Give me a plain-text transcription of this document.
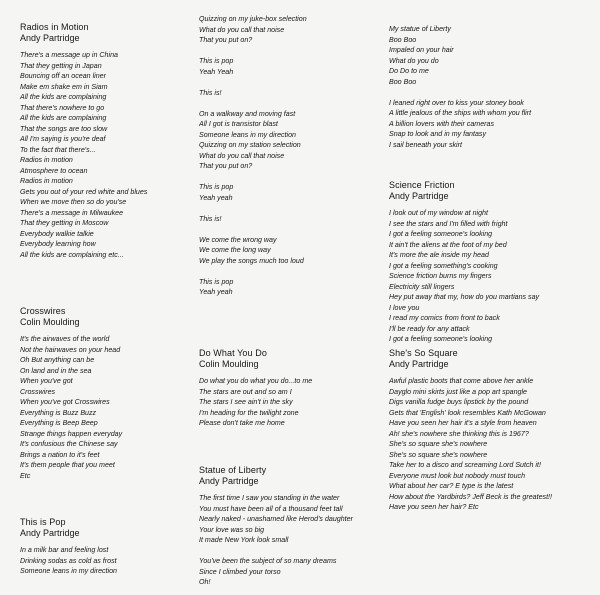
Radios in Motion
Andy Partridge
There's a message up in China
That they getting in Japan
Bouncing off an ocean liner
Make em shake em in Siam
All the kids are complaining
That there's nowhere to go
All the kids are complaining
That the songs are too slow
All I'm saying is you're deaf
To the fact that there's...
Radios in motion
Atmosphere to ocean
Radios in motion
Gets you out of your red white and blues
When we move then so do you'se
There's a message in Milwaukee
That they getting in Moscow
Everybody walkie talkie
Everybody learning how
All the kids are complaining etc...
Crosswires
Colin Moulding
It's the airwaves of the world
Not the hairwaves on your head
Oh But anything can be
On land and in the sea
When you've got
Crosswires
When you've got Crosswires
Everything is Buzz Buzz
Everything is Beep Beep
Strange things happen everyday
It's confusious the Chinese say
Brings a nation to it's feet
It's them people that you meet
Etc
This is Pop
Andy Partridge
In a milk bar and feeling lost
Drinking sodas as cold as frost
Someone leans in my direction
Quizzing on my juke-box selection
What do you call that noise
That you put on?
This is pop
Yeah Yeah
This is!
On a walkway and moving fast
All I got is transistor blast
Someone leans in my direction
Quizzing on my station selection
What do you call that noise
That you put on?
This is pop
Yeah yeah
This is!
We come the wrong way
We come the long way
We play the songs much too loud
This is pop
Yeah yeah
Do What You Do
Colin Moulding
Do what you do what you do...to me
The stars are out and so am I
The stars I see ain't in the sky
I'm heading for the twilight zone
Please don't take me home
Statue of Liberty
Andy Partridge
The first time I saw you standing in the water
You must have been all of a thousand feet tall
Nearly naked - unashamed like Herod's daughter
Your love was so big
It made New York look small
You've been the subject of so many dreams
Since I climbed your torso
Oh!
My statue of Liberty
Boo Boo
Impaled on your hair
What do you do
Do Do to me
Boo Boo
I leaned right over to kiss your stoney book
A little jealous of the ships with whom you flirt
A billion lovers with their cameras
Snap to look and in my fantasy
I sail beneath your skirt
Science Friction
Andy Partridge
I look out of my window at night
I see the stars and I'm filled with fright
I got a feeling someone's looking
It ain't the aliens at the foot of my bed
It's more the ale inside my head
I got a feeling something's cooking
Science friction burns my fingers
Electricity still lingers
Hey put away that my, how do you martians say
I love you
I read my comics from front to back
I'll be ready for any attack
I got a feeling someone's looking
She's So Square
Andy Partridge
Awful plastic boots that come above her ankle
Dayglo mini skirts just like a pop art spangle
Digs vanilla fudge buys lipstick by the pound
Gets that 'English' look resembles Kath McGowan
Have you seen her hair it's a style from heaven
Ah! she's nowhere she thinking this is 1967?
She's so square she's nowhere
She's so square she's nowhere
Take her to a disco and screaming Lord Sutch it!
Everyone must look but nobody must touch
What about her car? E type is the latest
How about the Yardbirds? Jeff Beck is the greatest!!
Have you seen her hair? Etc
